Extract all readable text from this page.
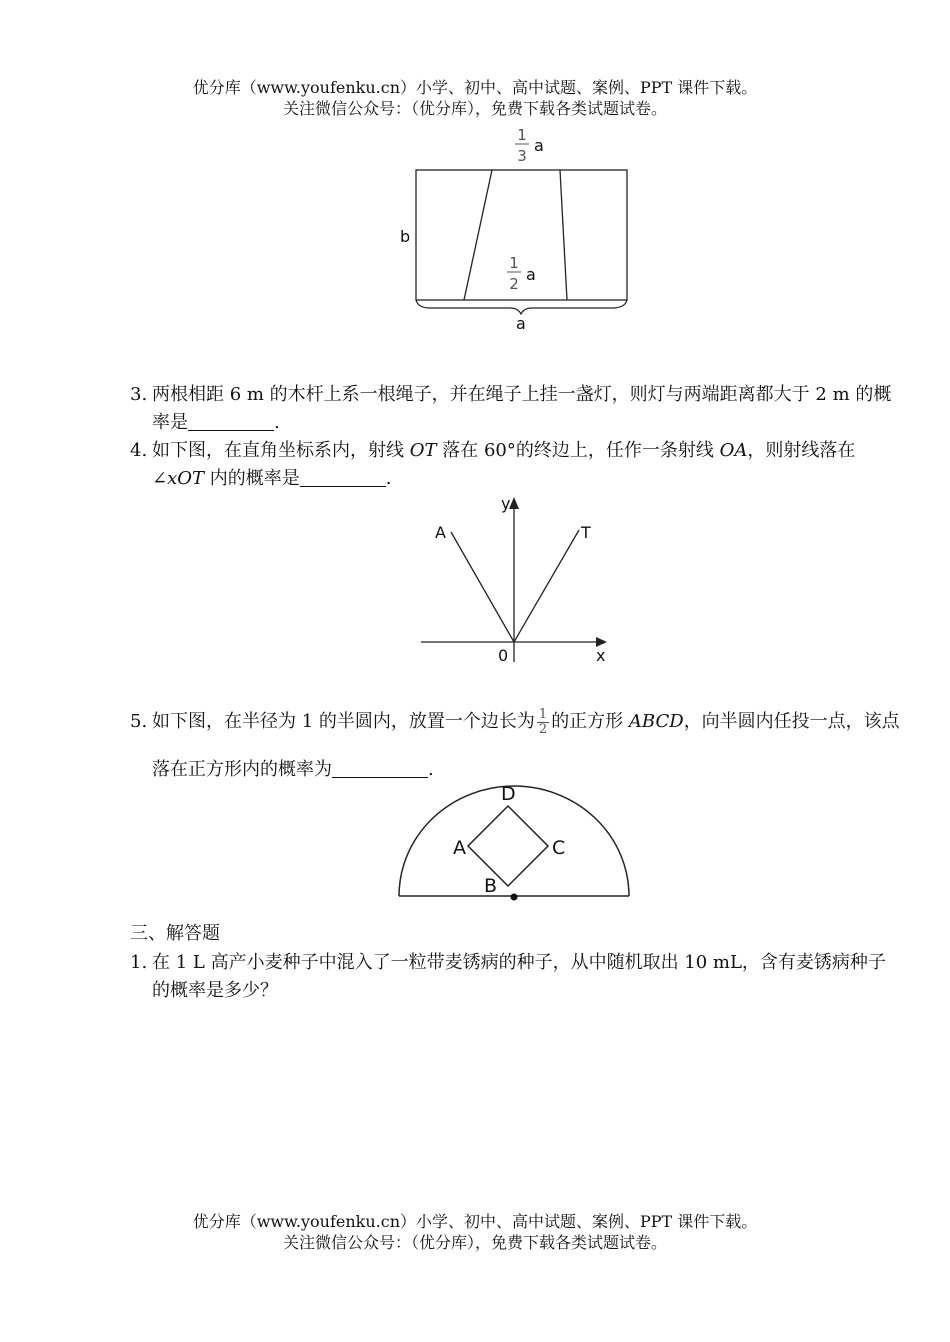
优分库（www.youfenku.cn）小学、初中、高中试题、案例、PPT 课件下载。
关注微信公众号：（优分库），免费下载各类试题试卷。
1
3
a
b
1
2 a
a
3. 两根相距 6 m 的木杆上系一根绳子，并在绳子上挂一盏灯，则灯与两端距离都大于 2 m 的概率是	.
4. 如下图，在直角坐标系内，射线 OT 落在 60°的终边上，任作一条射线 OA，则射线落在∠xOT 内的概率是	.
y
x
0
A	T
5. 如下图，在半径为 1 的半圆内，放置一个边长为 $\frac{1}{2}$ 的正方形 ABCD，向半圆内任投一点，该点落在正方形内的概率为	.
D
A	C
B
三、解答题
1. 在 1 L 高产小麦种子中混入了一粒带麦锈病的种子，从中随机取出 10 mL，含有麦锈病种子的概率是多少？
优分库（www.youfenku.cn）小学、初中、高中试题、案例、PPT 课件下载。
关注微信公众号：（优分库），免费下载各类试题试卷。
